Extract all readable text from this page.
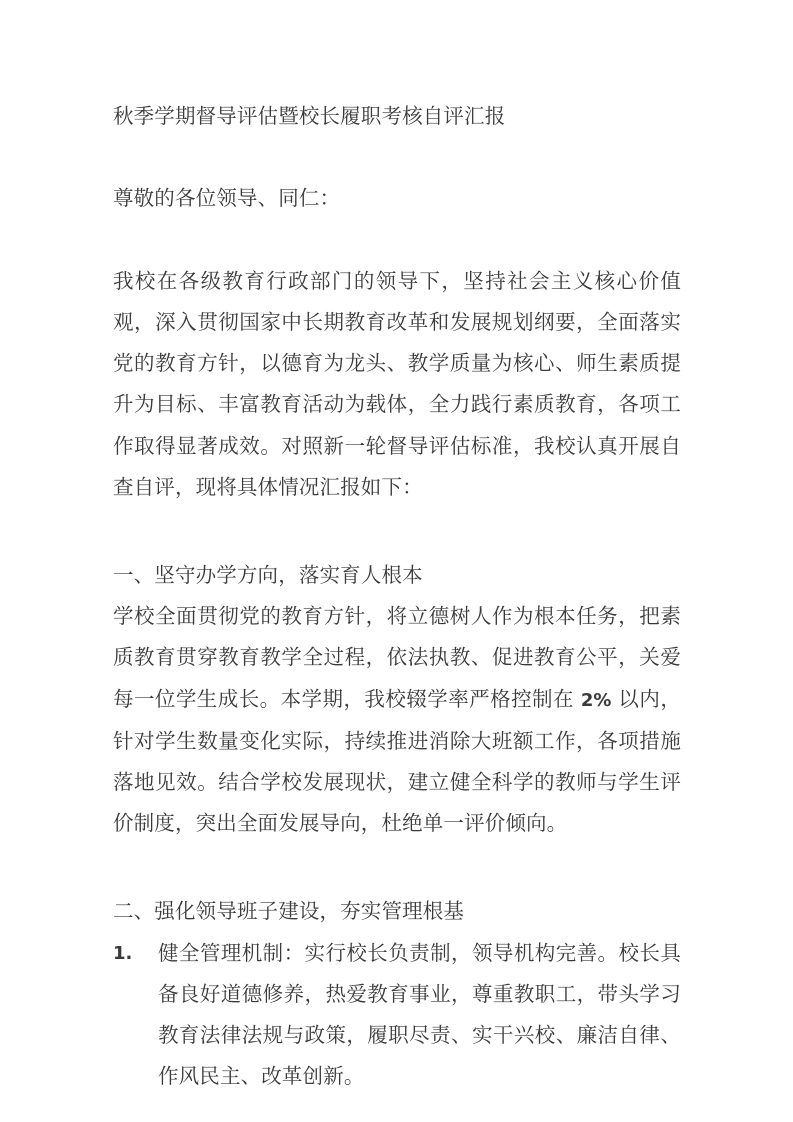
秋季学期督导评估暨校长履职考核自评汇报

尊敬的各位领导、同仁：

我校在各级教育行政部门的领导下，坚持社会主义核心价值观，深入贯彻国家中长期教育改革和发展规划纲要，全面落实党的教育方针，以德育为龙头、教学质量为核心、师生素质提升为目标、丰富教育活动为载体，全力践行素质教育，各项工作取得显著成效。对照新一轮督导评估标准，我校认真开展自查自评，现将具体情况汇报如下：

一、坚守办学方向，落实育人根本

学校全面贯彻党的教育方针，将立德树人作为根本任务，把素质教育贯穿教育教学全过程，依法执教、促进教育公平，关爱每一位学生成长。本学期，我校辍学率严格控制在 2% 以内，针对学生数量变化实际，持续推进消除大班额工作，各项措施落地见效。结合学校发展现状，建立健全科学的教师与学生评价制度，突出全面发展导向，杜绝单一评价倾向。

二、强化领导班子建设，夯实管理根基

1.	健全管理机制：实行校长负责制，领导机构完善。校长具备良好道德修养，热爱教育事业，尊重教职工，带头学习教育法律法规与政策，履职尽责、实干兴校、廉洁自律、作风民主、改革创新。
